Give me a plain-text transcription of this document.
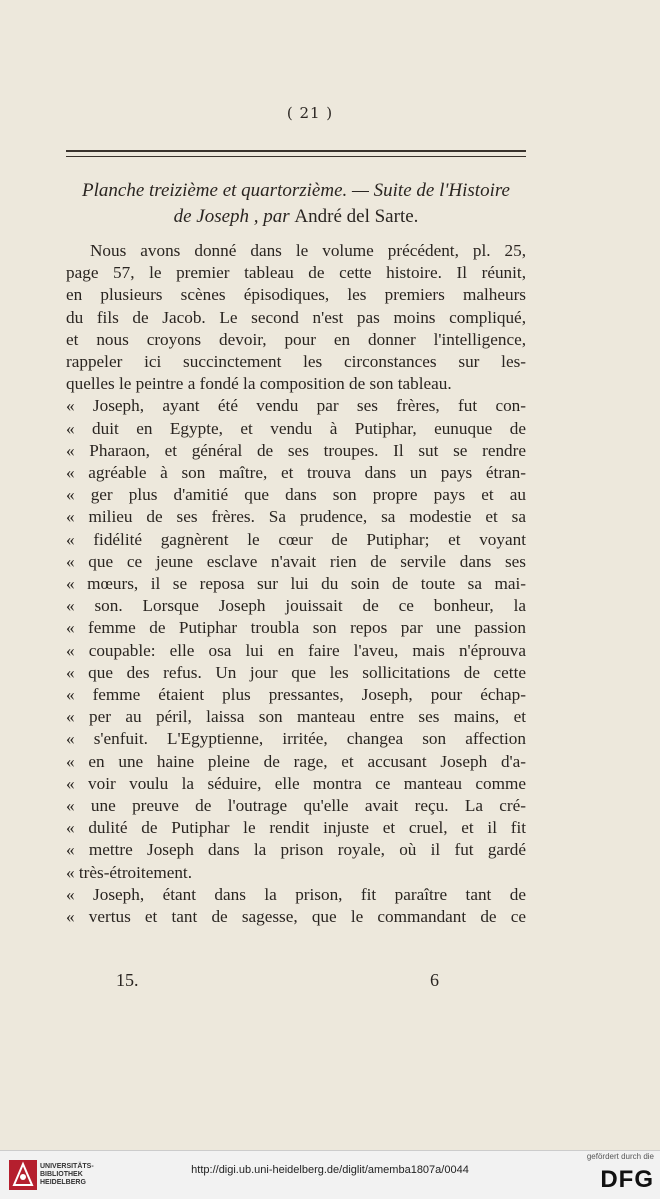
( 21 )
Planche treizième et quartorzième. — Suite de l'Histoire
de Joseph , par André del Sarte.
Nous avons donné dans le volume précédent, pl. 25,
page 57, le premier tableau de cette histoire. Il réunit,
en plusieurs scènes épisodiques, les premiers malheurs
du fils de Jacob. Le second n'est pas moins compliqué,
et nous croyons devoir, pour en donner l'intelligence,
rappeler ici succinctement les circonstances sur les-
quelles le peintre a fondé la composition de son tableau.
« Joseph, ayant été vendu par ses frères, fut con-
« duit en Egypte, et vendu à Putiphar, eunuque de
« Pharaon, et général de ses troupes. Il sut se rendre
« agréable à son maître, et trouva dans un pays étran-
« ger plus d'amitié que dans son propre pays et au
« milieu de ses frères. Sa prudence, sa modestie et sa
« fidélité gagnèrent le cœur de Putiphar; et voyant
« que ce jeune esclave n'avait rien de servile dans ses
« mœurs, il se reposa sur lui du soin de toute sa mai-
« son. Lorsque Joseph jouissait de ce bonheur, la
« femme de Putiphar troubla son repos par une passion
« coupable: elle osa lui en faire l'aveu, mais n'éprouva
« que des refus. Un jour que les sollicitations de cette
« femme étaient plus pressantes, Joseph, pour échap-
« per au péril, laissa son manteau entre ses mains, et
« s'enfuit. L'Egyptienne, irritée, changea son affection
« en une haine pleine de rage, et accusant Joseph d'a-
« voir voulu la séduire, elle montra ce manteau comme
« une preuve de l'outrage qu'elle avait reçu. La cré-
« dulité de Putiphar le rendit injuste et cruel, et il fit
« mettre Joseph dans la prison royale, où il fut gardé
« très-étroitement.
« Joseph, étant dans la prison, fit paraître tant de
« vertus et tant de sagesse, que le commandant de ce
15.	6
UNIVERSITÄTS-
BIBLIOTHEK
HEIDELBERG
http://digi.ub.uni-heidelberg.de/diglit/amemba1807a/0044
gefördert durch die
DFG
